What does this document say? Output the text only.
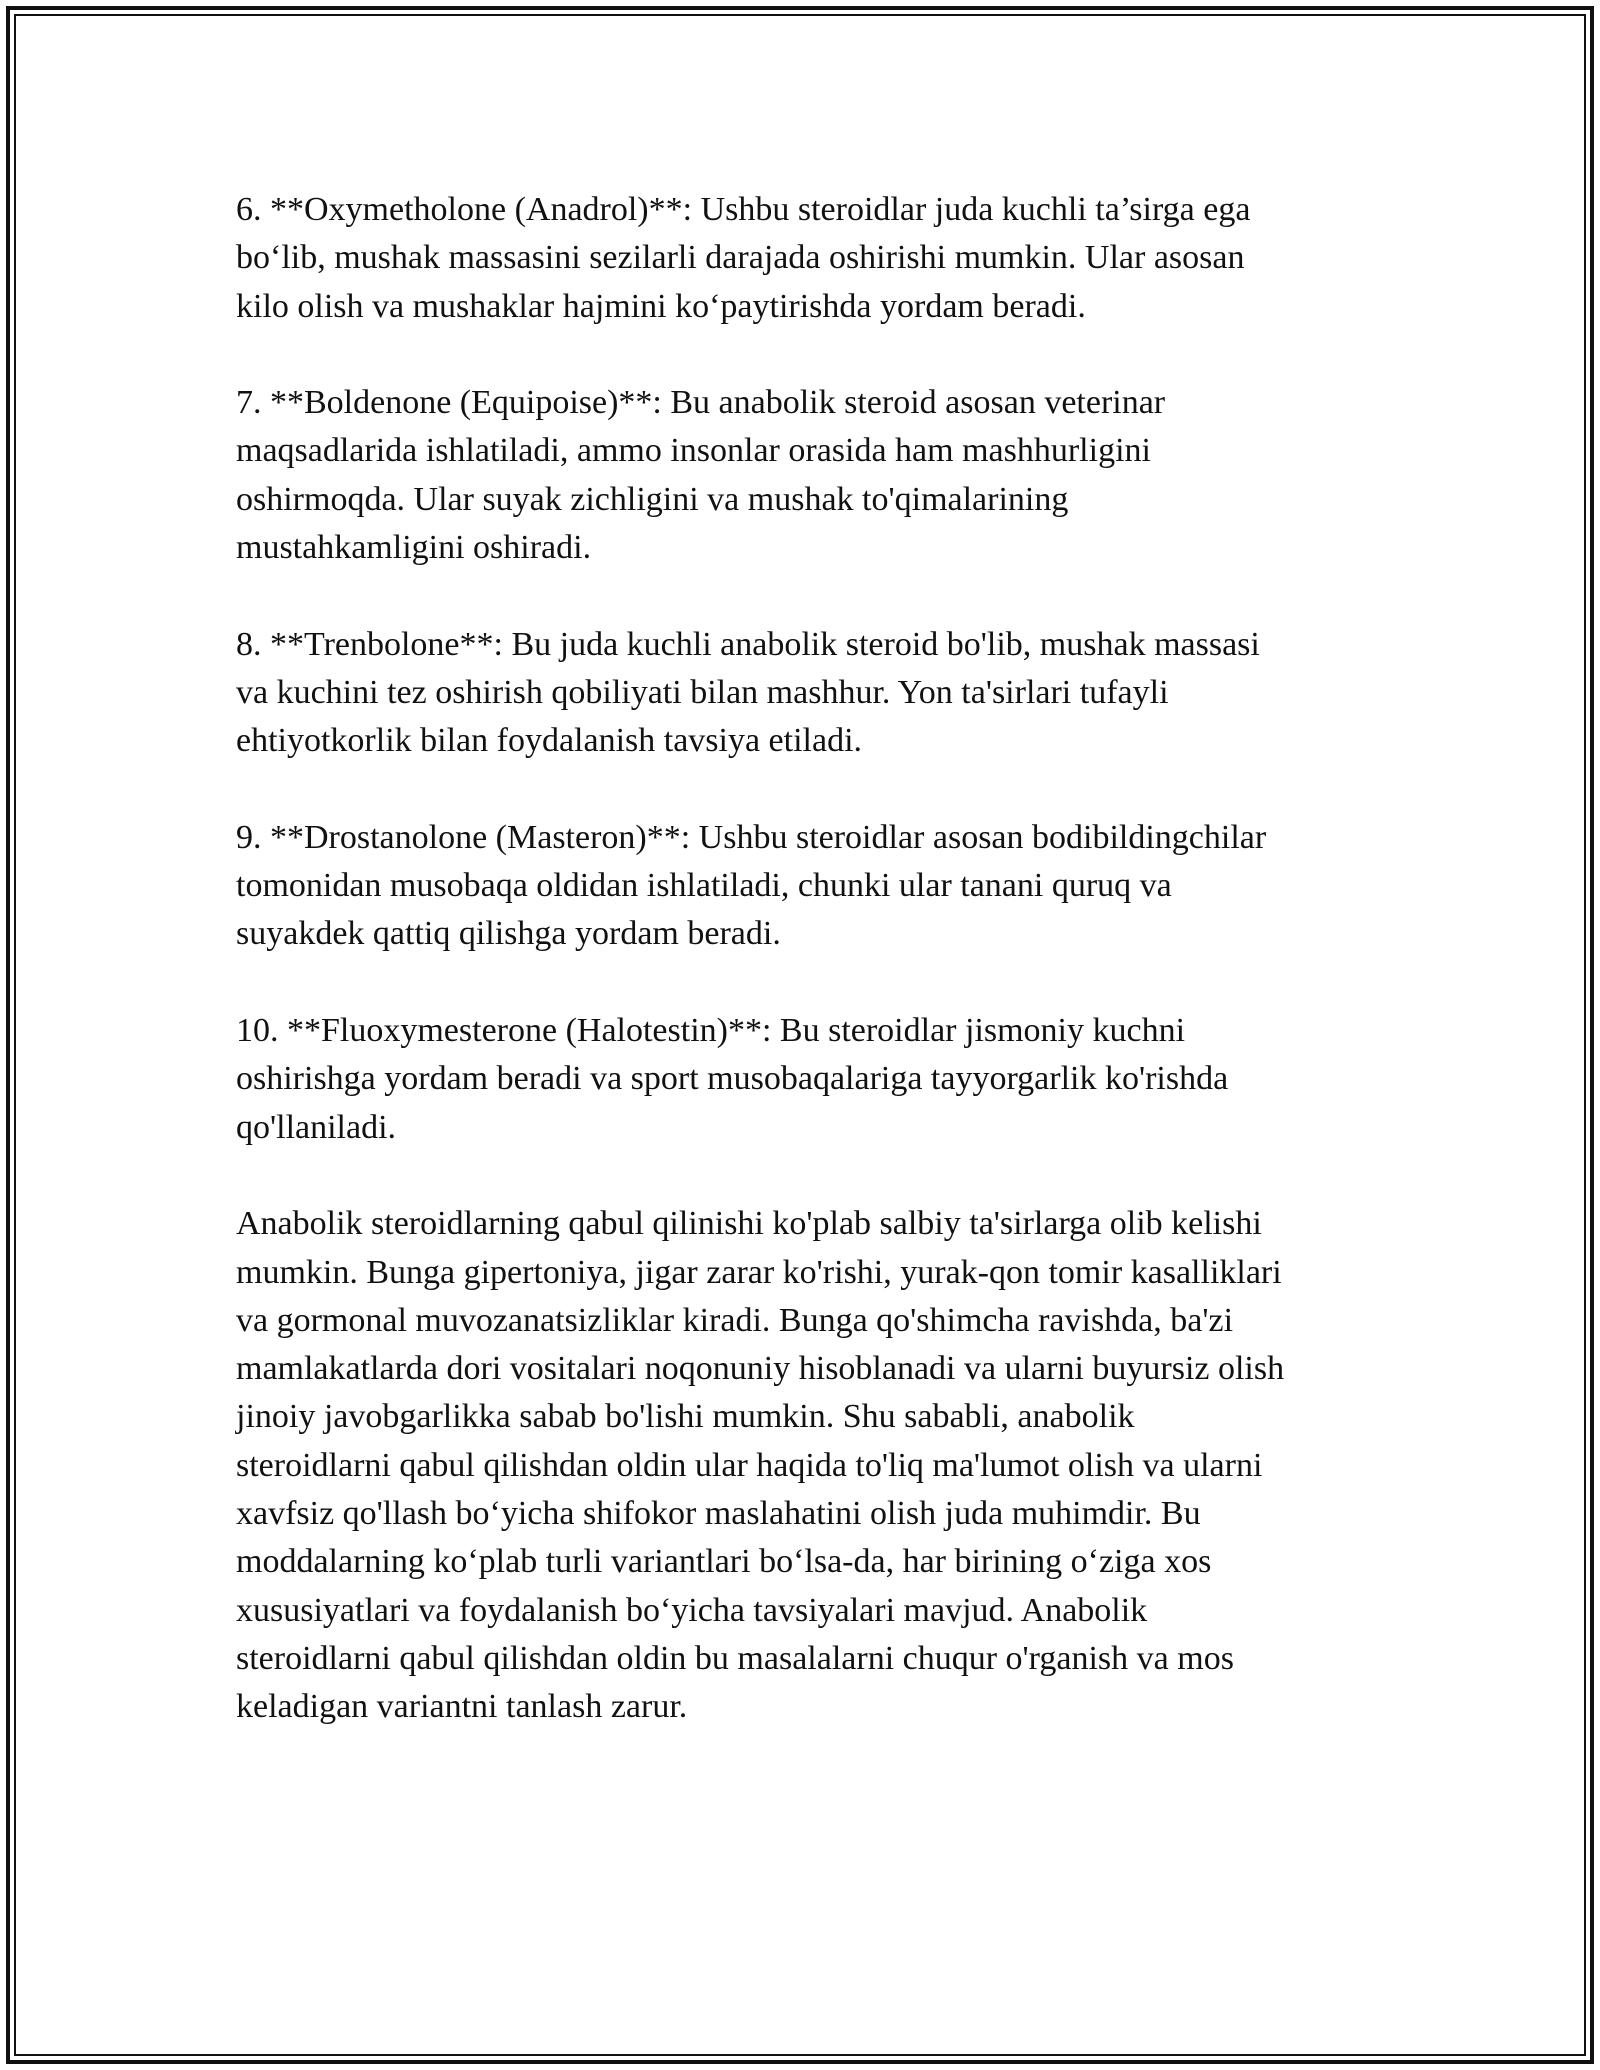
6. **Oxymetholone (Anadrol)**: Ushbu steroidlar juda kuchli ta’sirga ega
bo‘lib, mushak massasini sezilarli darajada oshirishi mumkin. Ular asosan
kilo olish va mushaklar hajmini ko‘paytirishda yordam beradi.

7. **Boldenone (Equipoise)**: Bu anabolik steroid asosan veterinar
maqsadlarida ishlatiladi, ammo insonlar orasida ham mashhurligini
oshirmoqda. Ular suyak zichligini va mushak to'qimalarining
mustahkamligini oshiradi.

8. **Trenbolone**: Bu juda kuchli anabolik steroid bo'lib, mushak massasi
va kuchini tez oshirish qobiliyati bilan mashhur. Yon ta'sirlari tufayli
ehtiyotkorlik bilan foydalanish tavsiya etiladi.

9. **Drostanolone (Masteron)**: Ushbu steroidlar asosan bodibildingchilar
tomonidan musobaqa oldidan ishlatiladi, chunki ular tanani quruq va
suyakdek qattiq qilishga yordam beradi.

10. **Fluoxymesterone (Halotestin)**: Bu steroidlar jismoniy kuchni
oshirishga yordam beradi va sport musobaqalariga tayyorgarlik ko'rishda
qo'llaniladi.

Anabolik steroidlarning qabul qilinishi ko'plab salbiy ta'sirlarga olib kelishi
mumkin. Bunga gipertoniya, jigar zarar ko'rishi, yurak-qon tomir kasalliklari
va gormonal muvozanatsizliklar kiradi. Bunga qo'shimcha ravishda, ba'zi
mamlakatlarda dori vositalari noqonuniy hisoblanadi va ularni buyursiz olish
jinoiy javobgarlikka sabab bo'lishi mumkin. Shu sababli, anabolik
steroidlarni qabul qilishdan oldin ular haqida to'liq ma'lumot olish va ularni
xavfsiz qo'llash bo‘yicha shifokor maslahatini olish juda muhimdir. Bu
moddalarning ko‘plab turli variantlari bo‘lsa-da, har birining o‘ziga xos
xususiyatlari va foydalanish bo‘yicha tavsiyalari mavjud. Anabolik
steroidlarni qabul qilishdan oldin bu masalalarni chuqur o'rganish va mos
keladigan variantni tanlash zarur.
